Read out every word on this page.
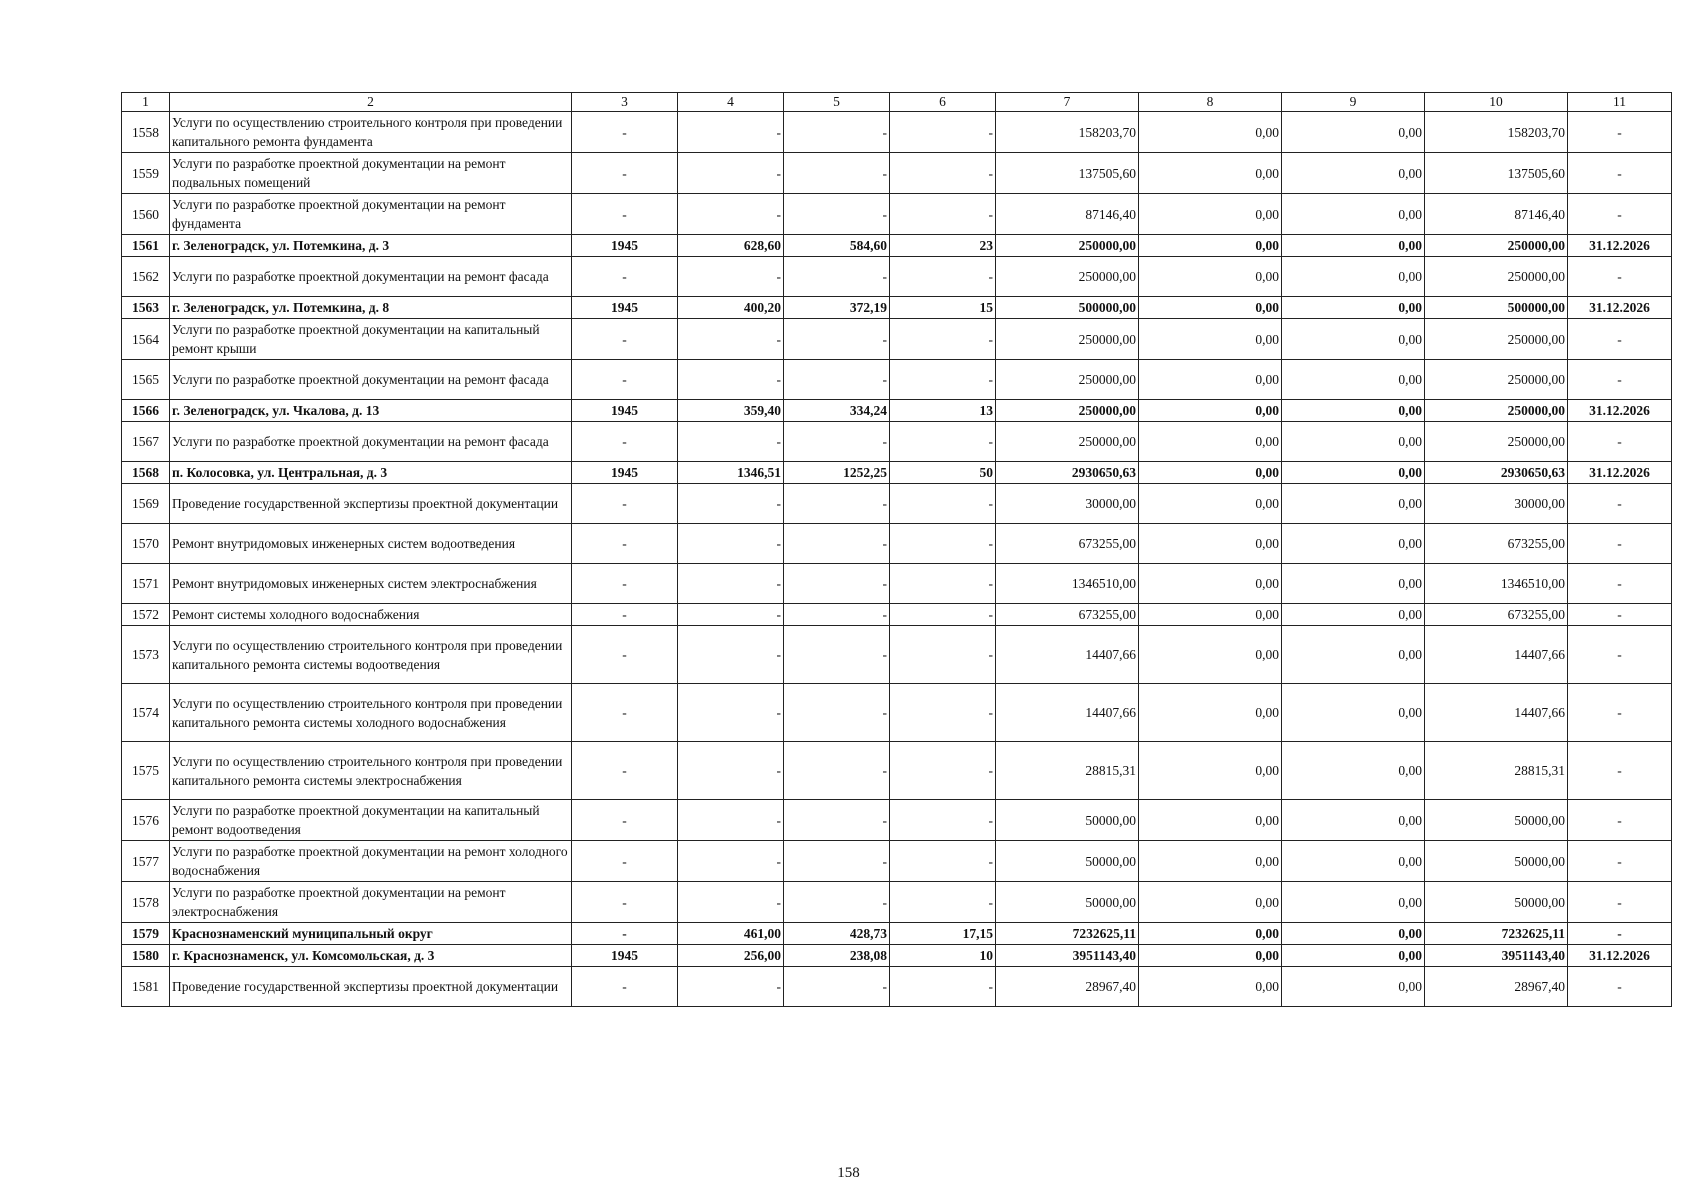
1	2	3	4	5	6	7	8	9	10	11
1558	Услуги по осуществлению строительного контроля при проведении капитального ремонта фундамента	-	-	-	-	158203,70	0,00	0,00	158203,70	-
1559	Услуги по разработке проектной документации на ремонт подвальных помещений	-	-	-	-	137505,60	0,00	0,00	137505,60	-
1560	Услуги по разработке проектной документации на ремонт фундамента	-	-	-	-	87146,40	0,00	0,00	87146,40	-
1561	г. Зеленоградск, ул. Потемкина, д. 3	1945	628,60	584,60	23	250000,00	0,00	0,00	250000,00	31.12.2026
1562	Услуги по разработке проектной документации на ремонт фасада	-	-	-	-	250000,00	0,00	0,00	250000,00	-
1563	г. Зеленоградск, ул. Потемкина, д. 8	1945	400,20	372,19	15	500000,00	0,00	0,00	500000,00	31.12.2026
1564	Услуги по разработке проектной документации на капитальный ремонт крыши	-	-	-	-	250000,00	0,00	0,00	250000,00	-
1565	Услуги по разработке проектной документации на ремонт фасада	-	-	-	-	250000,00	0,00	0,00	250000,00	-
1566	г. Зеленоградск, ул. Чкалова, д. 13	1945	359,40	334,24	13	250000,00	0,00	0,00	250000,00	31.12.2026
1567	Услуги по разработке проектной документации на ремонт фасада	-	-	-	-	250000,00	0,00	0,00	250000,00	-
1568	п. Колосовка, ул. Центральная, д. 3	1945	1346,51	1252,25	50	2930650,63	0,00	0,00	2930650,63	31.12.2026
1569	Проведение государственной экспертизы проектной документации	-	-	-	-	30000,00	0,00	0,00	30000,00	-
1570	Ремонт внутридомовых инженерных систем водоотведения	-	-	-	-	673255,00	0,00	0,00	673255,00	-
1571	Ремонт внутридомовых инженерных систем электроснабжения	-	-	-	-	1346510,00	0,00	0,00	1346510,00	-
1572	Ремонт системы холодного водоснабжения	-	-	-	-	673255,00	0,00	0,00	673255,00	-
1573	Услуги по осуществлению строительного контроля при проведении капитального ремонта системы водоотведения	-	-	-	-	14407,66	0,00	0,00	14407,66	-
1574	Услуги по осуществлению строительного контроля при проведении капитального ремонта системы холодного водоснабжения	-	-	-	-	14407,66	0,00	0,00	14407,66	-
1575	Услуги по осуществлению строительного контроля при проведении капитального ремонта системы электроснабжения	-	-	-	-	28815,31	0,00	0,00	28815,31	-
1576	Услуги по разработке проектной документации на капитальный ремонт водоотведения	-	-	-	-	50000,00	0,00	0,00	50000,00	-
1577	Услуги по разработке проектной документации на ремонт холодного водоснабжения	-	-	-	-	50000,00	0,00	0,00	50000,00	-
1578	Услуги по разработке проектной документации на ремонт электроснабжения	-	-	-	-	50000,00	0,00	0,00	50000,00	-
1579	Краснознаменский муниципальный округ	-	461,00	428,73	17,15	7232625,11	0,00	0,00	7232625,11	-
1580	г. Краснознаменск, ул. Комсомольская, д. 3	1945	256,00	238,08	10	3951143,40	0,00	0,00	3951143,40	31.12.2026
1581	Проведение государственной экспертизы проектной документации	-	-	-	-	28967,40	0,00	0,00	28967,40	-
158
